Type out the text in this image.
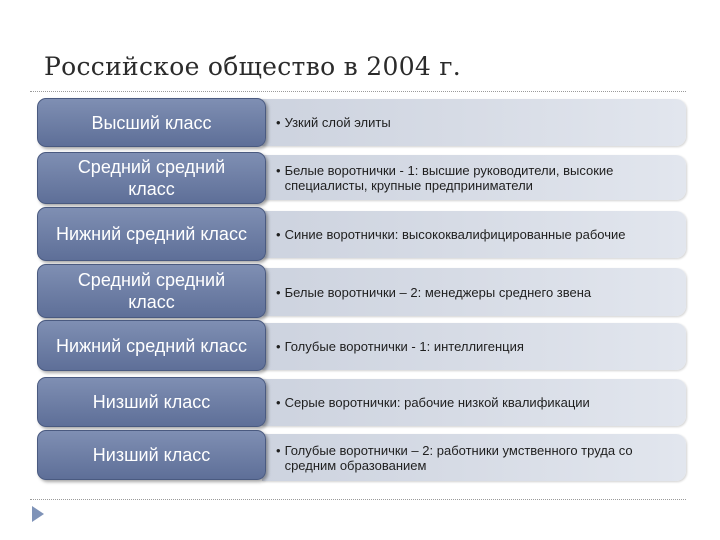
Российское общество в 2004 г.
• Узкий слой элиты
Высший класс
• Белые воротнички - 1: высшие руководители, высокие специалисты, крупные предприниматели
Средний средний класс
• Синие воротнички: высококвалифицированные рабочие
Нижний средний класс
• Белые воротнички – 2: менеджеры среднего звена
Средний средний класс
• Голубые воротнички - 1: интеллигенция
Нижний средний класс
• Серые воротнички: рабочие низкой квалификации
Низший класс
• Голубые воротнички – 2: работники умственного труда со средним образованием
Низший класс
